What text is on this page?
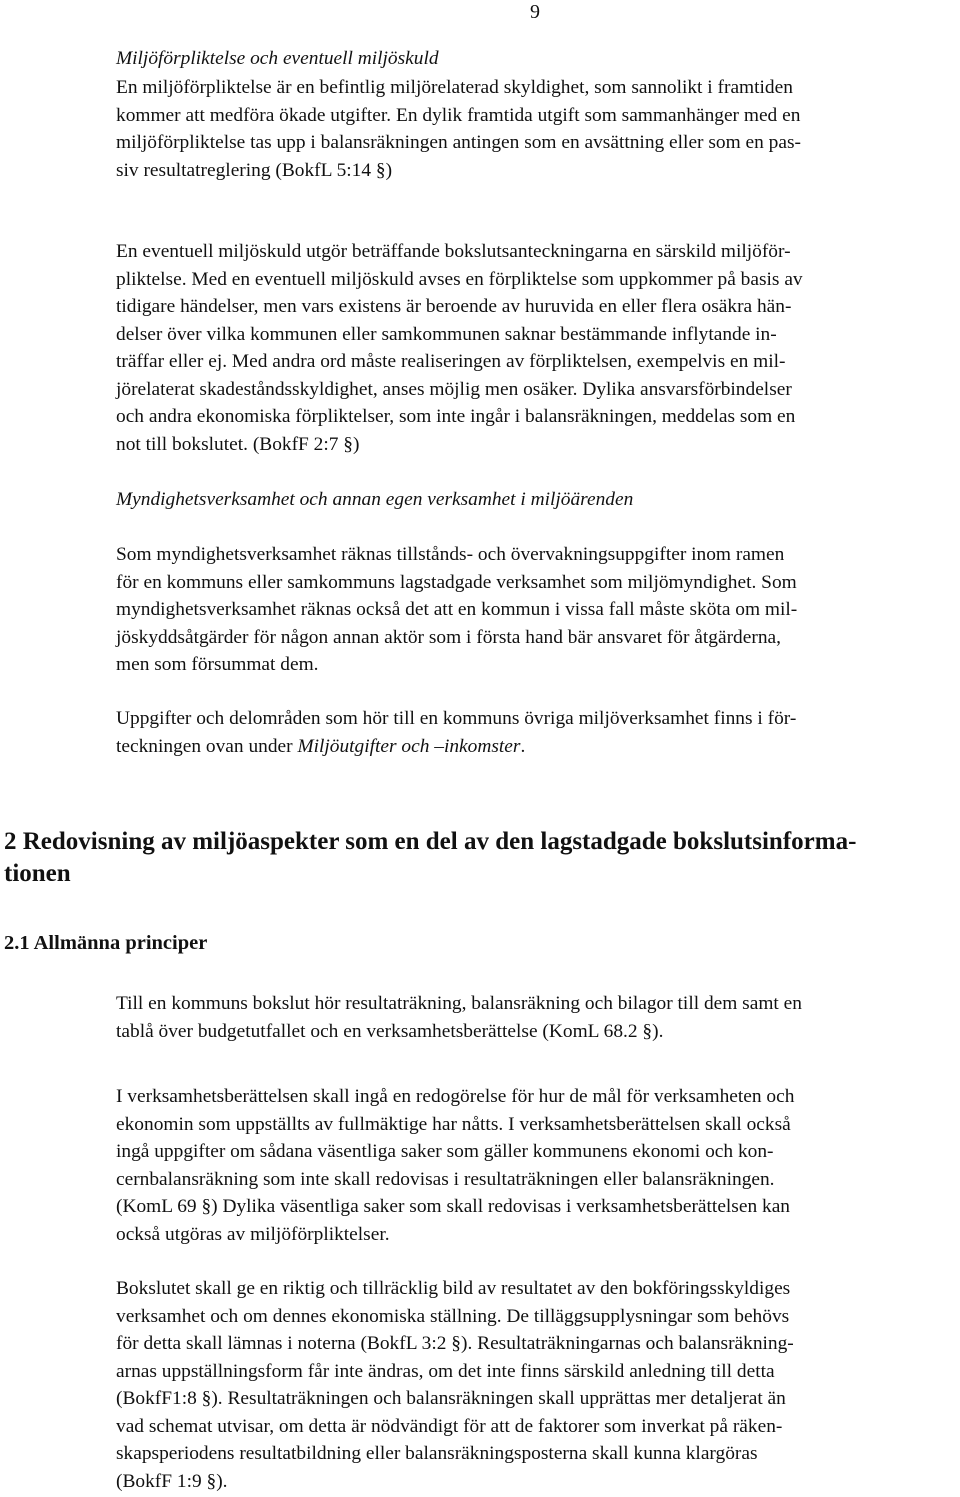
9

Miljöförpliktelse och eventuell miljöskuld

En miljöförpliktelse är en befintlig miljörelaterad skyldighet, som sannolikt i framtiden
kommer att medföra ökade utgifter. En dylik framtida utgift som sammanhänger med en
miljöförpliktelse tas upp i balansräkningen antingen som en avsättning eller som en pas-
siv resultatreglering (BokfL 5:14 §)

En eventuell miljöskuld utgör beträffande bokslutsanteckningarna en särskild miljöför-
pliktelse. Med en eventuell miljöskuld avses en förpliktelse som uppkommer på basis av
tidigare händelser, men vars existens är beroende av huruvida en eller flera osäkra hän-
delser över vilka kommunen eller samkommunen saknar bestämmande inflytande in-
träffar eller ej. Med andra ord måste realiseringen av förpliktelsen, exempelvis en mil-
jörelaterat skadeståndsskyldighet, anses möjlig men osäker. Dylika ansvarsförbindelser
och andra ekonomiska förpliktelser, som inte ingår i balansräkningen, meddelas som en
not till bokslutet. (BokfF 2:7 §)

Myndighetsverksamhet och annan egen verksamhet i miljöärenden

Som myndighetsverksamhet räknas tillstånds- och övervakningsuppgifter inom ramen
för en kommuns eller samkommuns lagstadgade verksamhet som miljömyndighet. Som
myndighetsverksamhet räknas också det att en kommun i vissa fall måste sköta om mil-
jöskyddsåtgärder för någon annan aktör som i första hand bär ansvaret för åtgärderna,
men som försummat dem.

Uppgifter och delområden som hör till en kommuns övriga miljöverksamhet finns i för-
teckningen ovan under Miljöutgifter och –inkomster.

2 Redovisning av miljöaspekter som en del av den lagstadgade bokslutsinforma-
tionen
2.1 Allmänna principer

Till en kommuns bokslut hör resultaträkning, balansräkning och bilagor till dem samt en
tablå över budgetutfallet och en verksamhetsberättelse (KomL 68.2 §).

I verksamhetsberättelsen skall ingå en redogörelse för hur de mål för verksamheten och
ekonomin som uppställts av fullmäktige har nåtts. I verksamhetsberättelsen skall också
ingå uppgifter om sådana väsentliga saker som gäller kommunens ekonomi och kon-
cernbalansräkning som inte skall redovisas i resultaträkningen eller balansräkningen.
(KomL 69 §) Dylika väsentliga saker som skall redovisas i verksamhetsberättelsen kan
också utgöras av miljöförpliktelser.

Bokslutet skall ge en riktig och tillräcklig bild av resultatet av den bokföringsskyldiges
verksamhet och om dennes ekonomiska ställning. De tilläggsupplysningar som behövs
för detta skall lämnas i noterna (BokfL 3:2 §). Resultaträkningarnas och balansräkning-
arnas uppställningsform får inte ändras, om det inte finns särskild anledning till detta
(BokfF1:8 §). Resultaträkningen och balansräkningen skall upprättas mer detaljerat än
vad schemat utvisar, om detta är nödvändigt för att de faktorer som inverkat på räken-
skapsperiodens resultatbildning eller balansräkningsposterna skall kunna klargöras
(BokfF 1:9 §).
